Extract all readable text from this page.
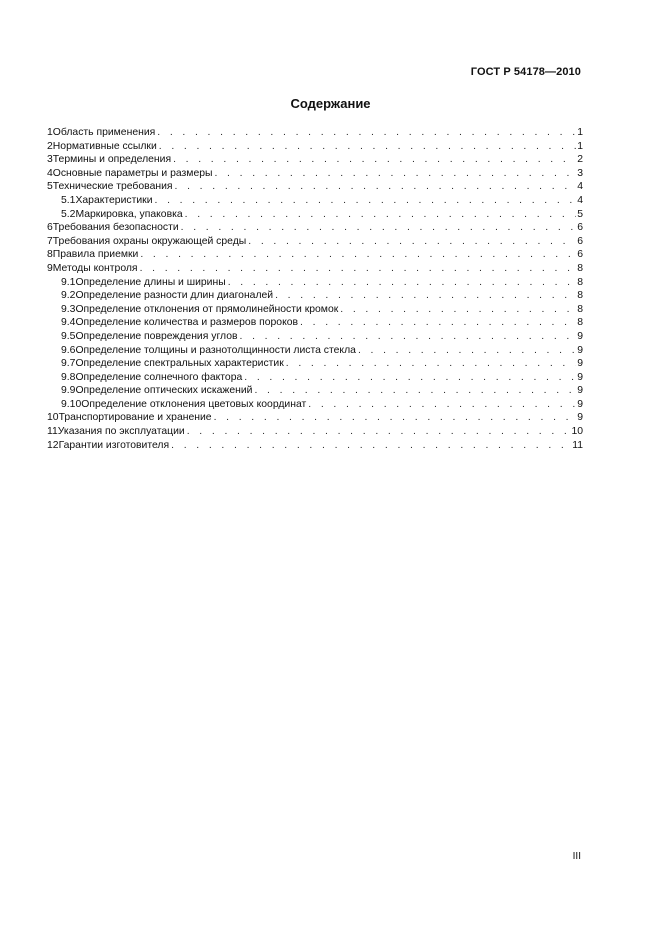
ГОСТ Р 54178—2010
Содержание
1 Область применения . . .	1
2 Нормативные ссылки . . .	1
3 Термины и определения . . .	2
4 Основные параметры и размеры . . .	3
5 Технические требования . . .	4
5.1 Характеристики . . .	4
5.2 Маркировка, упаковка . . .	5
6 Требования безопасности . . .	6
7 Требования охраны окружающей среды . . .	6
8 Правила приемки . . .	6
9 Методы контроля . . .	8
9.1 Определение длины и ширины . . .	8
9.2 Определение разности длин диагоналей . . .	8
9.3 Определение отклонения от прямолинейности кромок . . .	8
9.4 Определение количества и размеров пороков . . .	8
9.5 Определение повреждения углов . . .	9
9.6 Определение толщины и разнотолщинности листа стекла . . .	9
9.7 Определение спектральных характеристик . . .	9
9.8 Определение солнечного фактора . . .	9
9.9 Определение оптических искажений . . .	9
9.10 Определение отклонения цветовых координат . . .	9
10 Транспортирование и хранение . . .	9
11 Указания по эксплуатации . . .	10
12 Гарантии изготовителя . . .	11
III
